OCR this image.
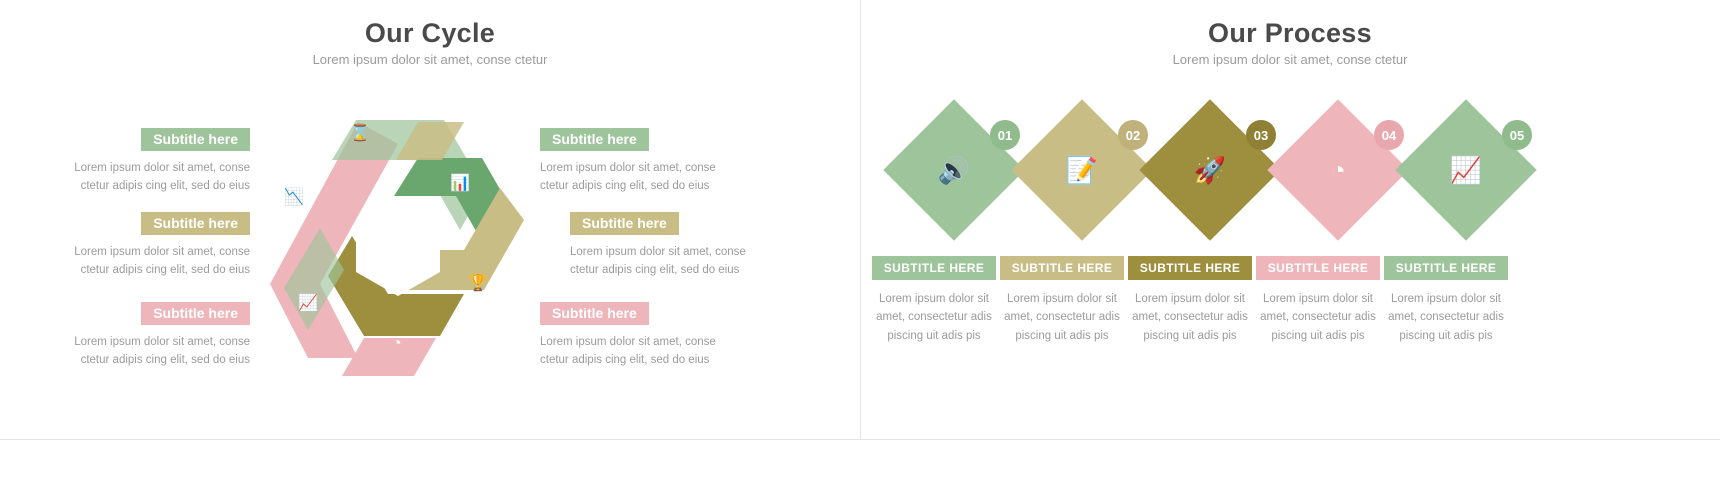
Our Cycle
Lorem ipsum dolor sit amet, conse ctetur
Subtitle here
Lorem ipsum dolor sit amet, conse ctetur adipis cing elit, sed do eius
Subtitle here
Lorem ipsum dolor sit amet, conse ctetur adipis cing elit, sed do eius
Subtitle here
Lorem ipsum dolor sit amet, conse ctetur adipis cing elit, sed do eius
Subtitle here
Lorem ipsum dolor sit amet, conse ctetur adipis cing elit, sed do eius
Subtitle here
Lorem ipsum dolor sit amet, conse ctetur adipis cing elit, sed do eius
Subtitle here
Lorem ipsum dolor sit amet, conse ctetur adipis cing elit, sed do eius
⌛
📊
🏆
◔
📈
📉
Our Process
Lorem ipsum dolor sit amet, conse ctetur
🔊
01
SUBTITLE HERE
Lorem ipsum dolor sit amet, consectetur adis piscing uit adis pis
📝
02
SUBTITLE HERE
Lorem ipsum dolor sit amet, consectetur adis piscing uit adis pis
🚀
03
SUBTITLE HERE
Lorem ipsum dolor sit amet, consectetur adis piscing uit adis pis
◔
04
SUBTITLE HERE
Lorem ipsum dolor sit amet, consectetur adis piscing uit adis pis
📈
05
SUBTITLE HERE
Lorem ipsum dolor sit amet, consectetur adis piscing uit adis pis
